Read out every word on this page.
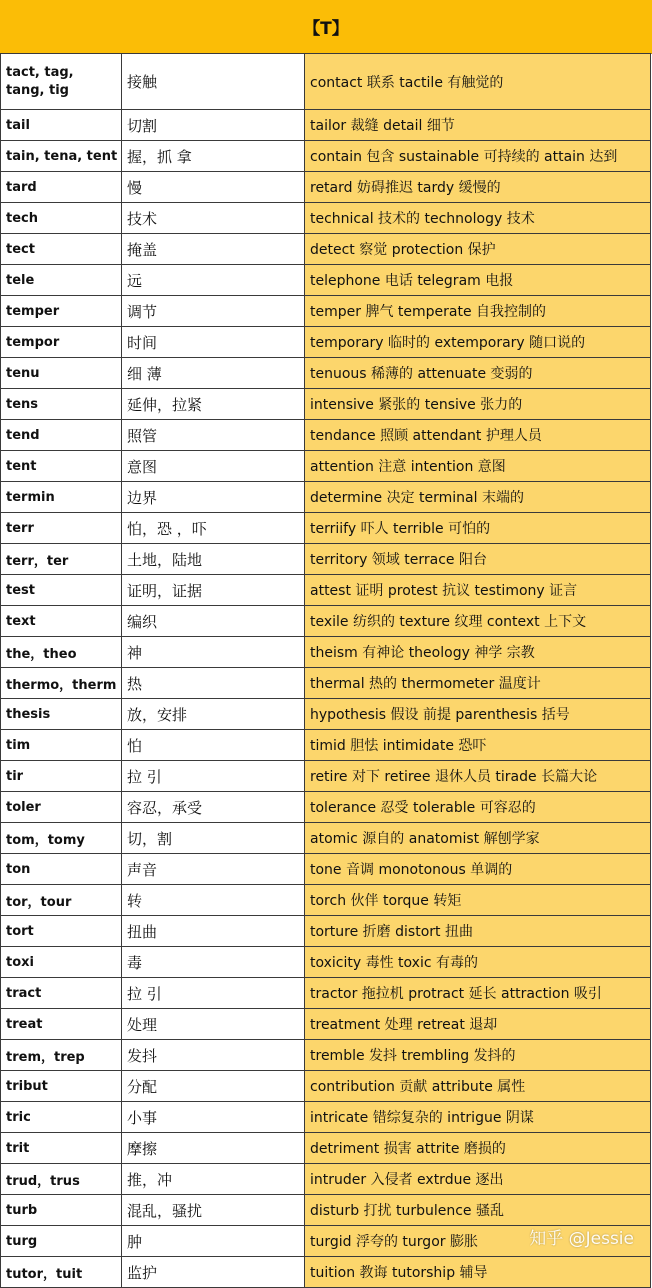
【T】
tact, tag, tang, tig	接触	contact 联系 tactile 有触觉的
tail	切割	tailor 裁缝 detail 细节
tain, tena, tent	握，抓 拿	contain 包含 sustainable 可持续的 attain 达到
tard	慢	retard 妨碍推迟 tardy 缓慢的
tech	技术	technical 技术的 technology 技术
tect	掩盖	detect 察觉 protection 保护
tele	远	telephone 电话 telegram 电报
temper	调节	temper 脾气 temperate 自我控制的
tempor	时间	temporary 临时的 extemporary 随口说的
tenu	细 薄	tenuous 稀薄的 attenuate 变弱的
tens	延伸，拉紧	intensive 紧张的 tensive 张力的
tend	照管	tendance 照顾 attendant 护理人员
tent	意图	attention 注意 intention 意图
termin	边界	determine 决定 terminal 末端的
terr	怕，恐 ，吓	terriify 吓人 terrible 可怕的
terr，ter	土地，陆地	territory 领域 terrace 阳台
test	证明，证据	attest 证明 protest 抗议 testimony 证言
text	编织	texile 纺织的 texture 纹理 context 上下文
the，theo	神	theism 有神论 theology 神学 宗教
thermo，therm	热	thermal 热的 thermometer 温度计
thesis	放，安排	hypothesis 假设 前提 parenthesis 括号
tim	怕	timid 胆怯 intimidate 恐吓
tir	拉 引	retire 对下 retiree 退休人员 tirade 长篇大论
toler	容忍，承受	tolerance 忍受 tolerable 可容忍的
tom，tomy	切，割	atomic 源自的 anatomist 解刨学家
ton	声音	tone 音调 monotonous 单调的
tor，tour	转	torch 伙伴 torque 转矩
tort	扭曲	torture 折磨 distort 扭曲
toxi	毒	toxicity 毒性 toxic 有毒的
tract	拉 引	tractor 拖拉机 protract 延长 attraction 吸引
treat	处理	treatment 处理 retreat 退却
trem，trep	发抖	tremble 发抖 trembling 发抖的
tribut	分配	contribution 贡献 attribute 属性
tric	小事	intricate 错综复杂的 intrigue 阴谋
trit	摩擦	detriment 损害 attrite 磨损的
trud，trus	推，冲	intruder 入侵者 extrdue 逐出
turb	混乱，骚扰	disturb 打扰 turbulence 骚乱
turg	肿	turgid 浮夸的 turgor 膨胀
tutor，tuit	监护	tuition 教诲 tutorship 辅导
知乎 @Jessie
